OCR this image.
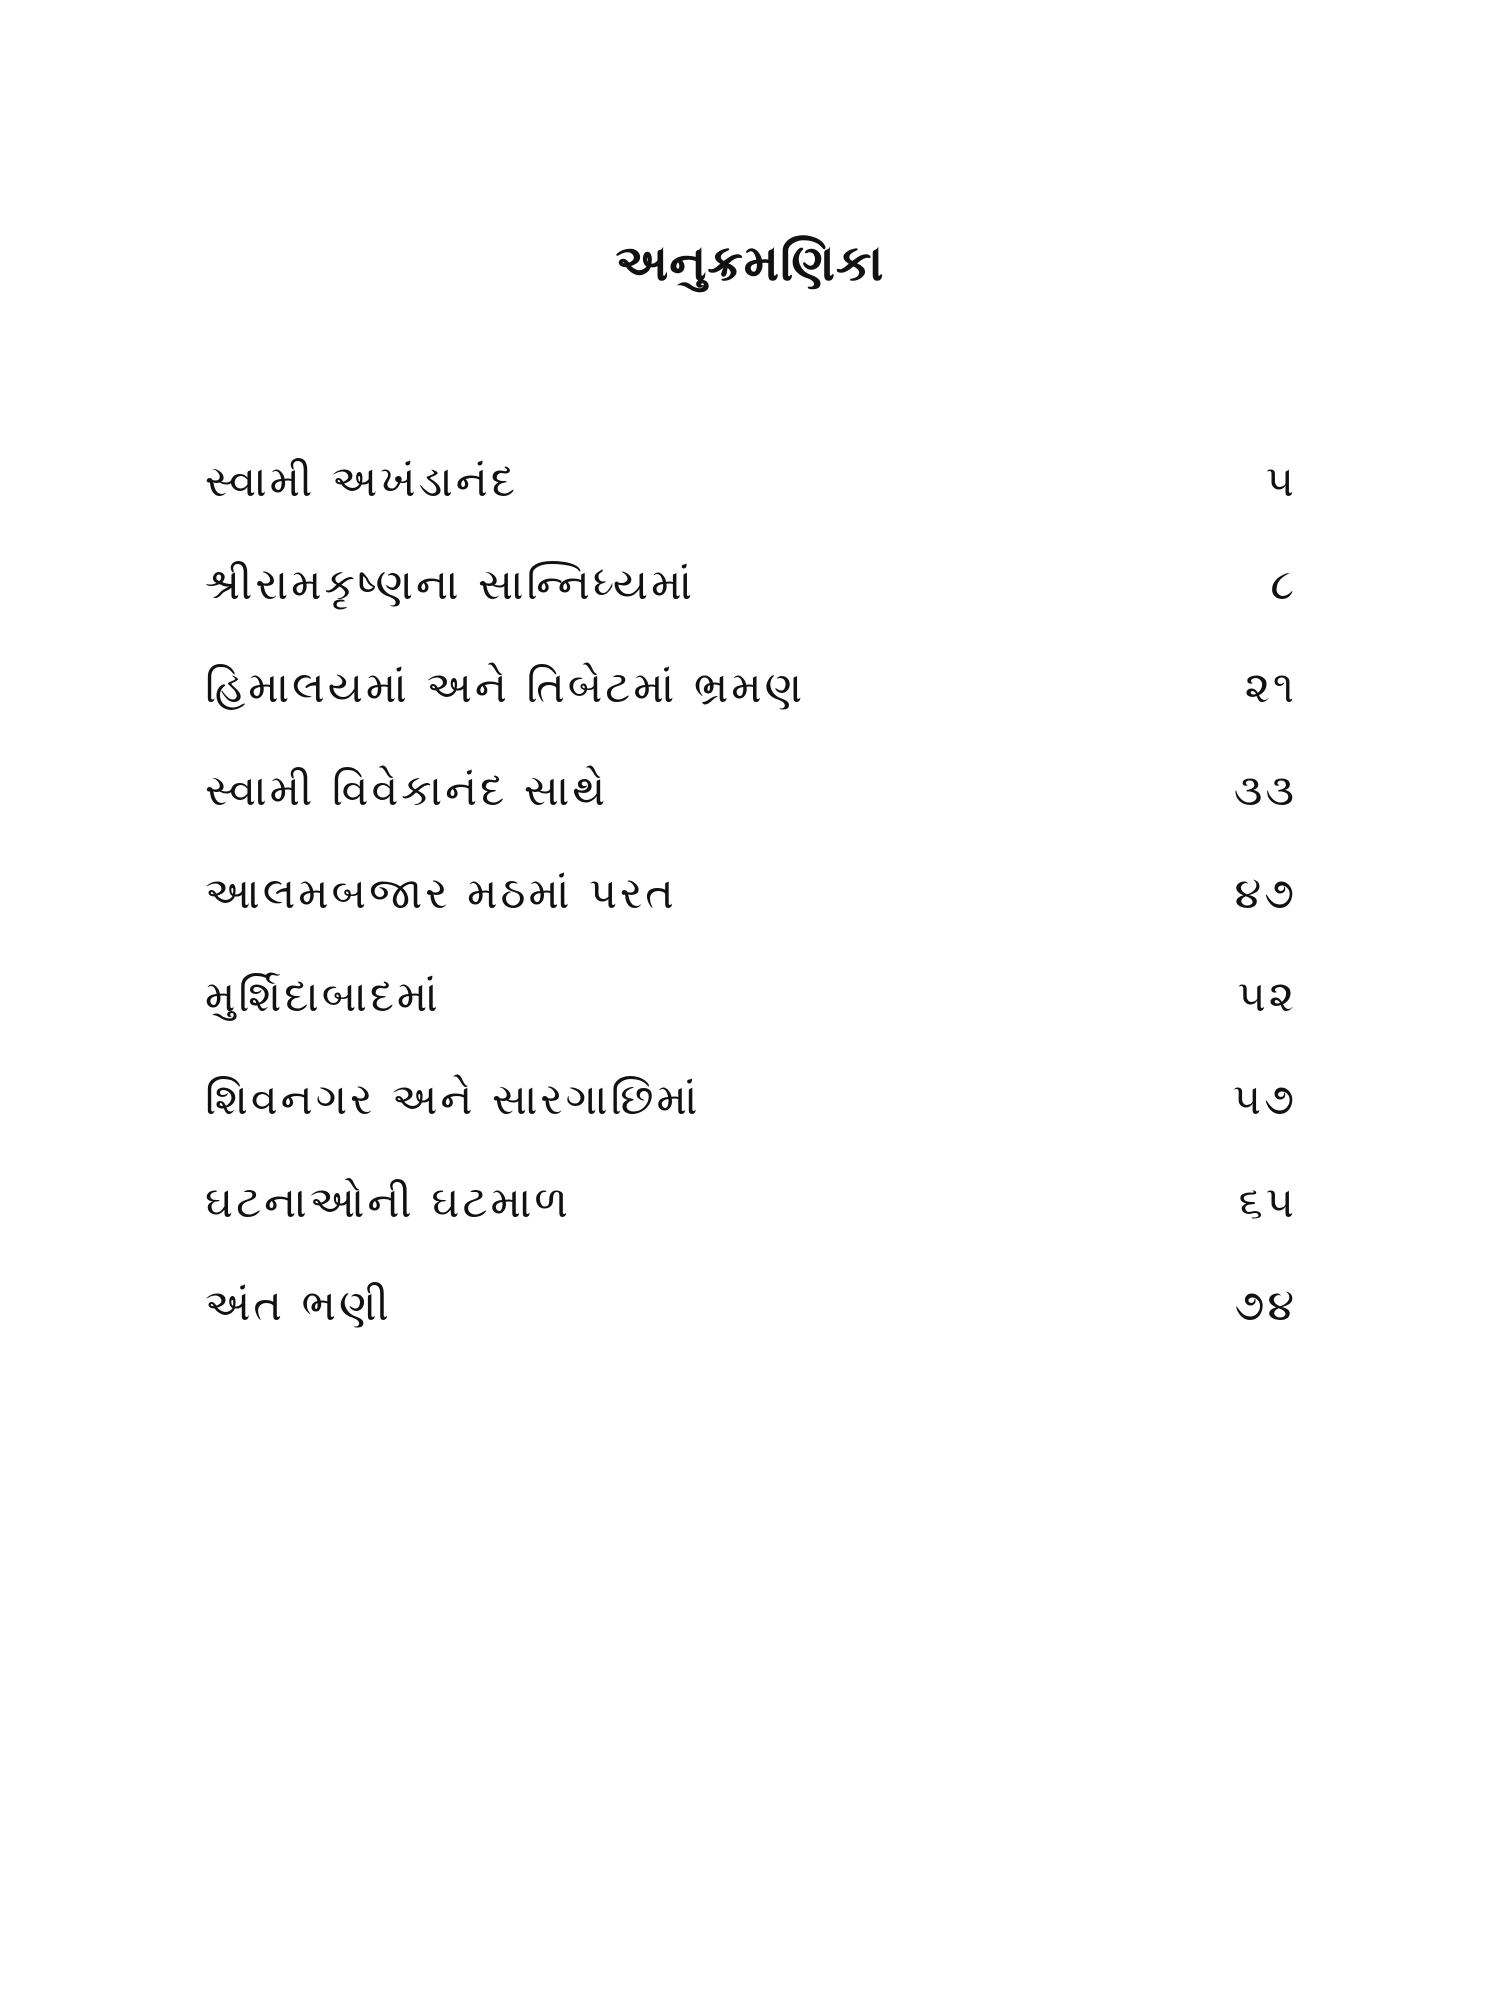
અનુક્રમણિકા
સ્વામી અખંડાનંદ	૫
શ્રીરામકૃષ્ણના સાન્નિધ્યમાં	૮
હિમાલયમાં અને તિબેટમાં ભ્રમણ	૨૧
સ્વામી વિવેકાનંદ સાથે	૩૩
આલમબજાર મઠમાં પરત	૪૭
મુર્શિદાબાદમાં	૫૨
શિવનગર અને સારગાછિમાં	૫૭
ઘટનાઓની ઘટમાળ	૬૫
અંત ભણી	૭૪
